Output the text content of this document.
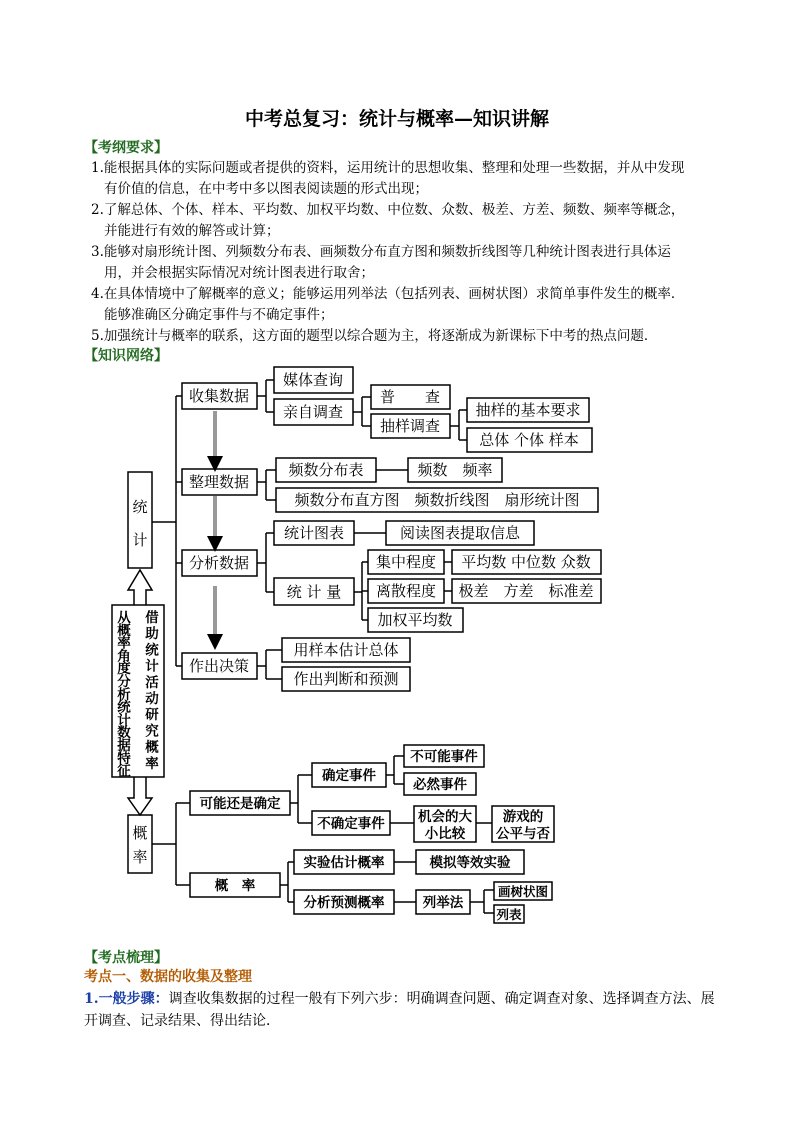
中考总复习：统计与概率—知识讲解
【考纲要求】
1.能根据具体的实际问题或者提供的资料，运用统计的思想收集、整理和处理一些数据，并从中发现
有价值的信息，在中考中多以图表阅读题的形式出现；
2.了解总体、个体、样本、平均数、加权平均数、中位数、众数、极差、方差、频数、频率等概念，
并能进行有效的解答或计算；
3.能够对扇形统计图、列频数分布表、画频数分布直方图和频数折线图等几种统计图表进行具体运
用，并会根据实际情况对统计图表进行取舍；
4.在具体情境中了解概率的意义；能够运用列举法（包括列表、画树状图）求简单事件发生的概率．
能够准确区分确定事件与不确定事件；
5.加强统计与概率的联系，这方面的题型以综合题为主，将逐渐成为新课标下中考的热点问题．
【知识网络】
统
计
概
率
收集数据
媒体查询
亲自调查
普　　查
抽样调查
抽样的基本要求
总体 个体 样本
整理数据
频数分布表	频数　频率
频数分布直方图　频数折线图　扇形统计图
分析数据
统计图表	阅读图表提取信息
统 计 量
集中程度
离散程度
加权平均数
平均数 中位数 众数
极差　方差　标准差
作出决策
用样本估计总体
作出判断和预测
可能还是确定
确定事件
不确定事件
不可能事件
必然事件
机会的大
小比较
游戏的
公平与否
概　率
实验估计概率	模拟等效实验
分析预测概率	列举法
画树状图
列表
借
助
统
计
活
动
研
究
概
率
从
概
率
角
度
分
析
统
计
数
据
特
征
【考点梳理】
考点一、数据的收集及整理
1.一般步骤：调查收集数据的过程一般有下列六步：明确调查问题、确定调查对象、选择调查方法、展
开调查、记录结果、得出结论．
